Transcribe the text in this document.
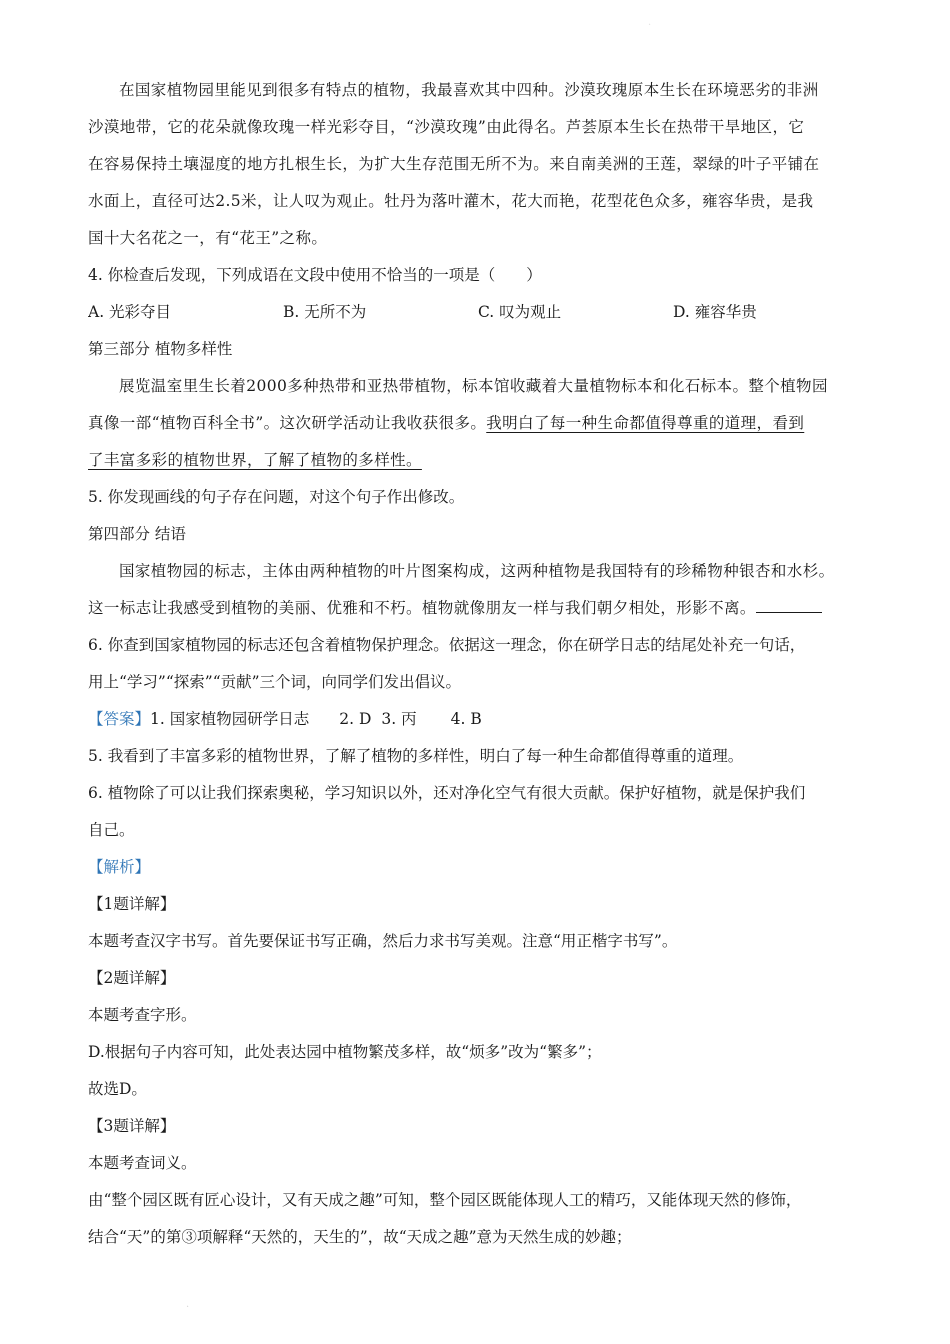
·
在国家植物园里能见到很多有特点的植物，我最喜欢其中四种。沙漠玫瑰原本生长在环境恶劣的非洲
沙漠地带，它的花朵就像玫瑰一样光彩夺目，“沙漠玫瑰”由此得名。芦荟原本生长在热带干旱地区，它
在容易保持土壤湿度的地方扎根生长，为扩大生存范围无所不为。来自南美洲的王莲，翠绿的叶子平铺在
水面上，直径可达2.5米，让人叹为观止。牡丹为落叶灌木，花大而艳，花型花色众多，雍容华贵，是我
国十大名花之一，有“花王”之称。
4. 你检查后发现，下列成语在文段中使用不恰当的一项是（　　）
A. 光彩夺目	B. 无所不为	C. 叹为观止	D. 雍容华贵
第三部分 植物多样性
展览温室里生长着2000多种热带和亚热带植物，标本馆收藏着大量植物标本和化石标本。整个植物园
真像一部“植物百科全书”。这次研学活动让我收获很多。我明白了每一种生命都值得尊重的道理，看到
了丰富多彩的植物世界，了解了植物的多样性。
5. 你发现画线的句子存在问题，对这个句子作出修改。
第四部分 结语
国家植物园的标志，主体由两种植物的叶片图案构成，这两种植物是我国特有的珍稀物种银杏和水杉。
这一标志让我感受到植物的美丽、优雅和不朽。植物就像朋友一样与我们朝夕相处，形影不离。
6. 你查到国家植物园的标志还包含着植物保护理念。依据这一理念，你在研学日志的结尾处补充一句话，
用上“学习”“探索”“贡献”三个词，向同学们发出倡议。
【答案】1. 国家植物园研学日志 2. D 3. 丙 4. B
5. 我看到了丰富多彩的植物世界，了解了植物的多样性，明白了每一种生命都值得尊重的道理。
6. 植物除了可以让我们探索奥秘，学习知识以外，还对净化空气有很大贡献。保护好植物，就是保护我们
自己。
【解析】
【1题详解】
本题考查汉字书写。首先要保证书写正确，然后力求书写美观。注意“用正楷字书写”。
【2题详解】
本题考查字形。
D.根据句子内容可知，此处表达园中植物繁茂多样，故“烦多”改为“繁多”；
故选D。
【3题详解】
本题考查词义。
由“整个园区既有匠心设计，又有天成之趣”可知，整个园区既能体现人工的精巧，又能体现天然的修饰，
结合“天”的第③项解释“天然的，天生的”，故“天成之趣”意为天然生成的妙趣；
·
